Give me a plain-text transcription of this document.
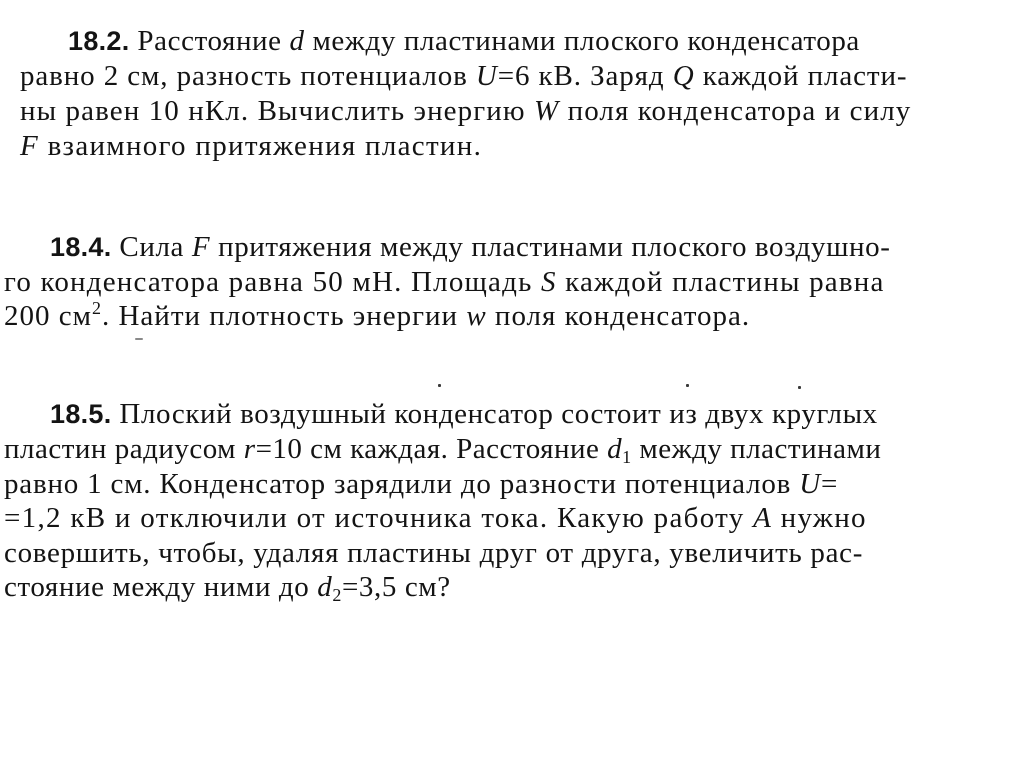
18.2. Расстояние d между пластинами плоского конденсатора
равно 2 см, разность потенциалов U=6 кВ. Заряд Q каждой пласти-
ны равен 10 нКл. Вычислить энергию W поля конденсатора и силу
F взаимного притяжения пластин.
18.4. Сила F притяжения между пластинами плоского воздушно-
го конденсатора равна 50 мН. Площадь S каждой пластины равна
200 $см^2$. Найти плотность энергии w поля конденсатора.
18.5. Плоский воздушный конденсатор состоит из двух круглых
пластин радиусом r=10 см каждая. Расстояние $d_1$ между пластинами
равно 1 см. Конденсатор зарядили до разности потенциалов U=
=1,2 кВ и отключили от источника тока. Какую работу A нужно
совершить, чтобы, удаляя пластины друг от друга, увеличить рас-
стояние между ними до $d_2=3,5$ см?
